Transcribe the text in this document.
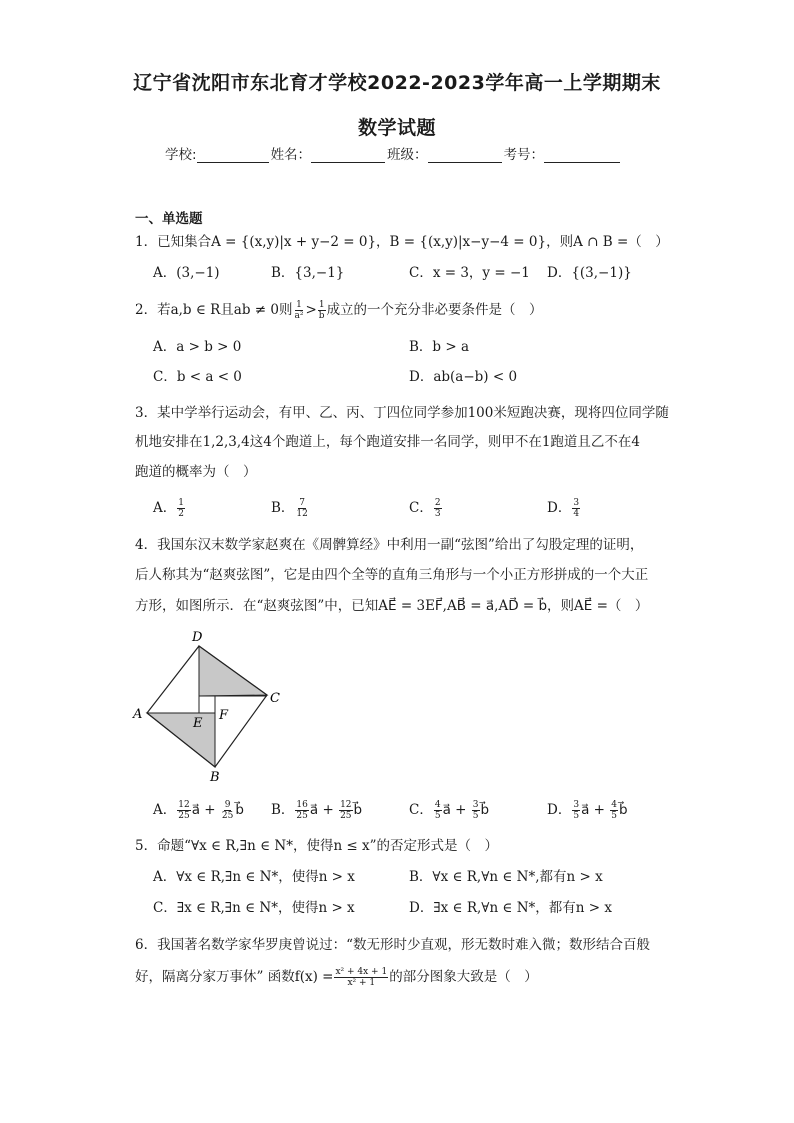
辽宁省沈阳市东北育才学校2022-2023学年高一上学期期末
数学试题
学校:	姓名：	班级：	考号：
一、单选题
1．已知集合A = {(x,y)|x + y−2 = 0}，B = {(x,y)|x−y−4 = 0}，则A ∩ B =（　）
A．(3,−1)	B．{3,−1}	C．x = 3，y = −1 D．{(3,−1)}
2．若a,b ∈ R且ab ≠ 0则 $\frac{1}{\text{a²}} > \frac{1}{b}$ 成立的一个充分非必要条件是（　）
A．a > b > 0	B．b > a
C．b < a < 0	D．ab(a−b) < 0
3．某中学举行运动会，有甲、乙、丙、丁四位同学参加100米短跑决赛，现将四位同学随
机地安排在1,2,3,4这4个跑道上，每个跑道安排一名同学，则甲不在1跑道且乙不在4
跑道的概率为（　）
A． $\frac{1}{2}$	B． $\frac{7}{12}$	C． $\frac{2}{3}$	D． $\frac{3}{4}$
4．我国东汉末数学家赵爽在《周髀算经》中利用一副“弦图”给出了勾股定理的证明，
后人称其为“赵爽弦图”，它是由四个全等的直角三角形与一个小正方形拼成的一个大正
方形，如图所示．在“赵爽弦图”中，已知AE⃗ = 3EF⃗,AB⃗ = a⃗,AD⃗ = b⃗，则AE⃗ =（　）
D
C
A
E
F
B
A． $\frac{12}{25}$ a⃗ + $\frac{9}{25}$ b⃗ B． $\frac{16}{25}$ a⃗ + $\frac{12}{25}$ b⃗	C． $\frac{4}{5}$ a⃗ + $\frac{3}{5}$ b⃗	D． $\frac{3}{5}$ a⃗ + $\frac{4}{5}$ b⃗
5．命题“∀x ∈ R,∃n ∈ N*，使得n ≤ x”的否定形式是（　）
A．∀x ∈ R,∃n ∈ N*，使得n > x	B．∀x ∈ R,∀n ∈ N*,都有n > x
C．∃x ∈ R,∃n ∈ N*，使得n > x	D．∃x ∈ R,∀n ∈ N*，都有n > x
6．我国著名数学家华罗庚曾说过：“数无形时少直观，形无数时难入微；数形结合百般
好，隔离分家万事休” 函数$f(x) = \frac{\text{x² + 4x + 1}}{\text{x² + 1}}$ 的部分图象大致是（　）
